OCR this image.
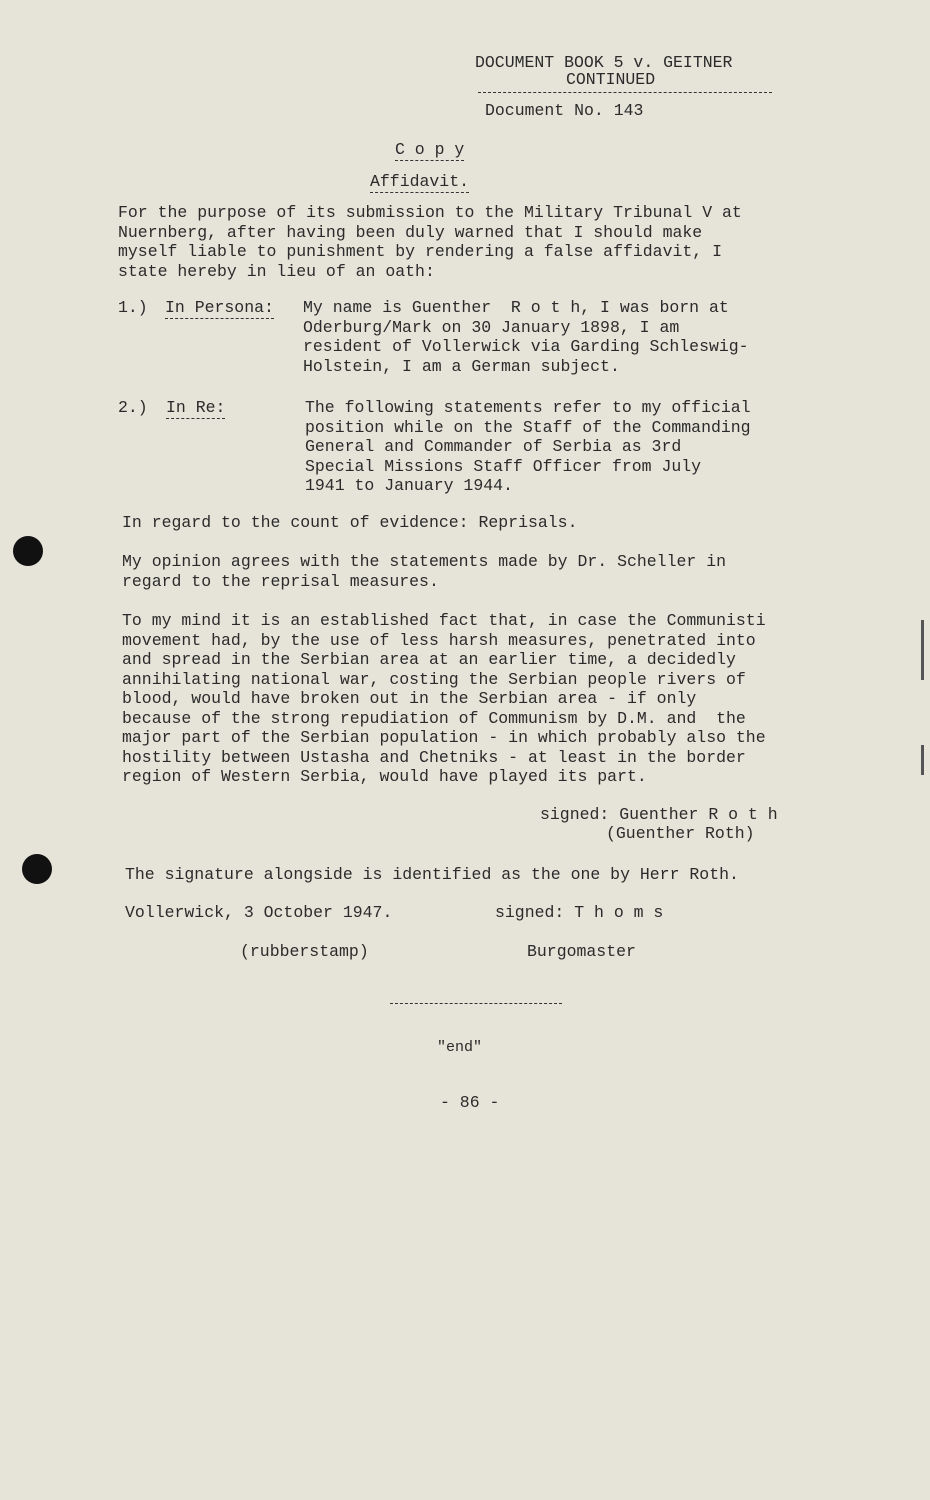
DOCUMENT BOOK 5 v. GEITNER
CONTINUED
Document No. 143
C o p y
Affidavit.
For the purpose of its submission to the Military Tribunal V at
Nuernberg, after having been duly warned that I should make
myself liable to punishment by rendering a false affidavit, I
state hereby in lieu of an oath:
1.) In Persona: My name is Guenther  R o t h, I was born at
Oderburg/Mark on 30 January 1898, I am
resident of Vollerwick via Garding Schleswig-
Holstein, I am a German subject.
2.) In Re:	The following statements refer to my official
position while on the Staff of the Commanding
General and Commander of Serbia as 3rd
Special Missions Staff Officer from July
1941 to January 1944.
In regard to the count of evidence: Reprisals.
My opinion agrees with the statements made by Dr. Scheller in
regard to the reprisal measures.
To my mind it is an established fact that, in case the Communisti
movement had, by the use of less harsh measures, penetrated into
and spread in the Serbian area at an earlier time, a decidedly
annihilating national war, costing the Serbian people rivers of
blood, would have broken out in the Serbian area - if only
because of the strong repudiation of Communism by D.M. and  the
major part of the Serbian population - in which probably also the
hostility between Ustasha and Chetniks - at least in the border
region of Western Serbia, would have played its part.
signed: Guenther R o t h
(Guenther Roth)
The signature alongside is identified as the one by Herr Roth.
Vollerwick, 3 October 1947.	signed: T h o m s
(rubberstamp)	Burgomaster
"end"
- 86 -
